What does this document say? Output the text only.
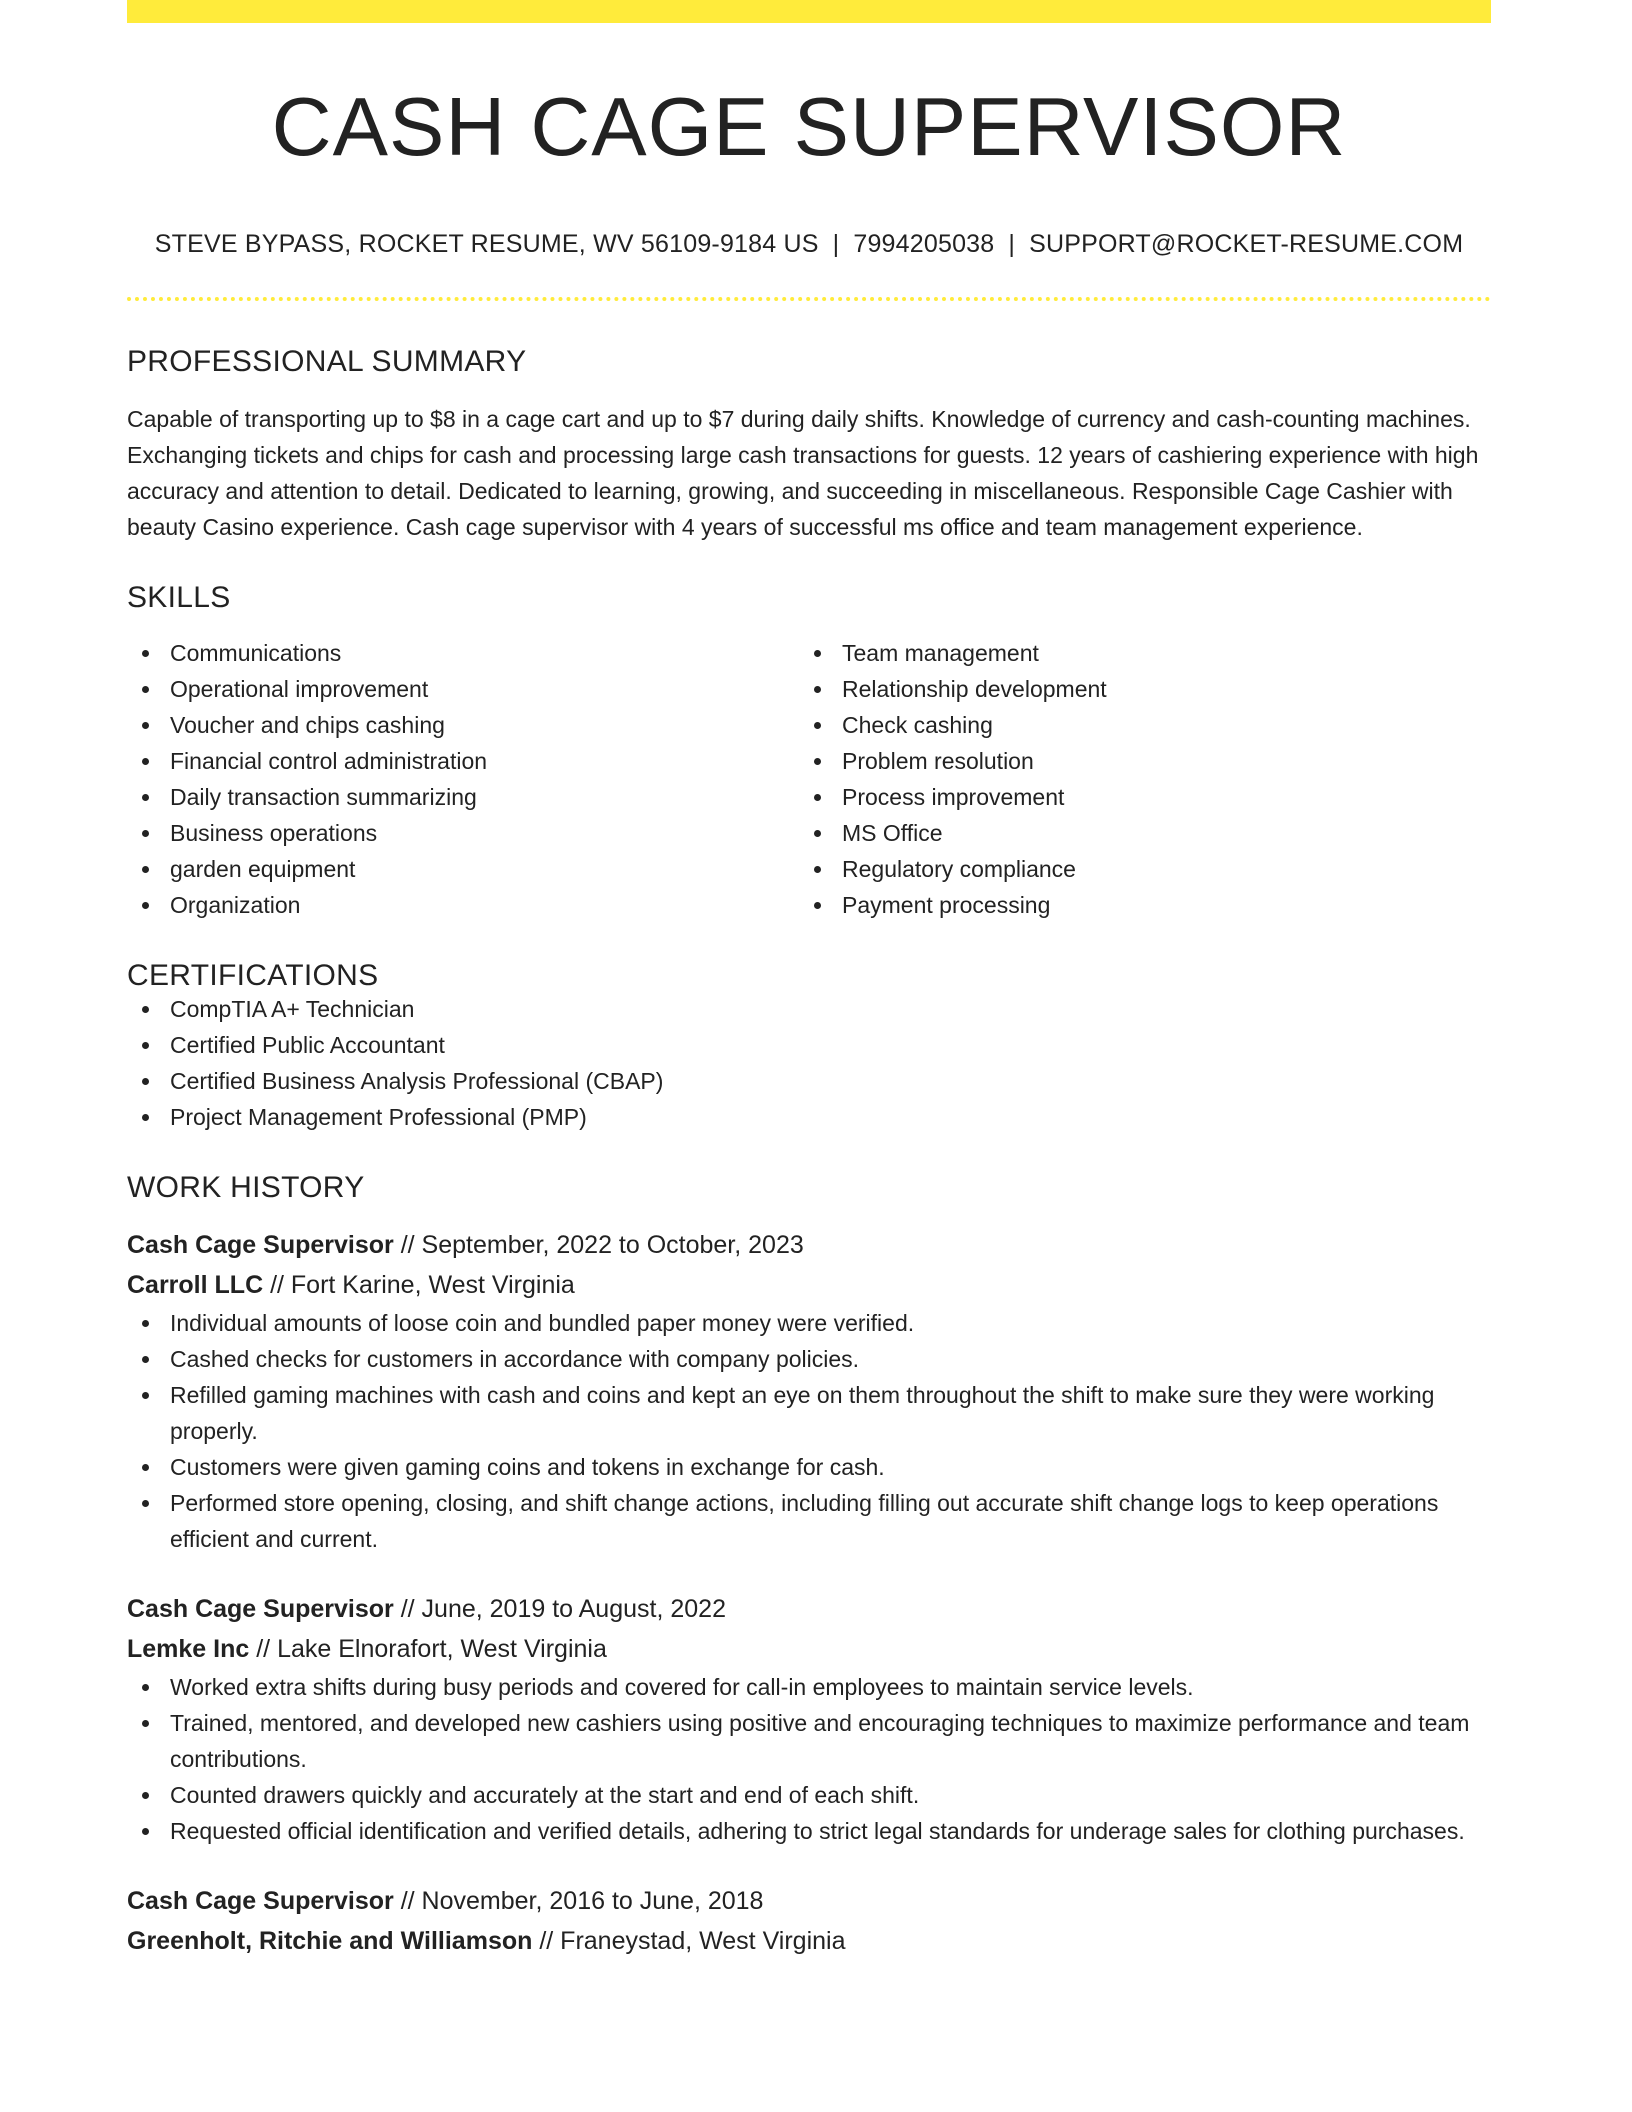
CASH CAGE SUPERVISOR
STEVE BYPASS, ROCKET RESUME, WV 56109-9184 US | 7994205038 | SUPPORT@ROCKET-RESUME.COM
PROFESSIONAL SUMMARY
Capable of transporting up to $8 in a cage cart and up to $7 during daily shifts. Knowledge of currency and cash-counting machines. Exchanging tickets and chips for cash and processing large cash transactions for guests. 12 years of cashiering experience with high accuracy and attention to detail. Dedicated to learning, growing, and succeeding in miscellaneous. Responsible Cage Cashier with beauty Casino experience. Cash cage supervisor with 4 years of successful ms office and team management experience.
SKILLS
Communications
Operational improvement
Voucher and chips cashing
Financial control administration
Daily transaction summarizing
Business operations
garden equipment
Organization
Team management
Relationship development
Check cashing
Problem resolution
Process improvement
MS Office
Regulatory compliance
Payment processing
CERTIFICATIONS
CompTIA A+ Technician
Certified Public Accountant
Certified Business Analysis Professional (CBAP)
Project Management Professional (PMP)
WORK HISTORY
Cash Cage Supervisor // September, 2022 to October, 2023
Carroll LLC // Fort Karine, West Virginia
Individual amounts of loose coin and bundled paper money were verified.
Cashed checks for customers in accordance with company policies.
Refilled gaming machines with cash and coins and kept an eye on them throughout the shift to make sure they were working properly.
Customers were given gaming coins and tokens in exchange for cash.
Performed store opening, closing, and shift change actions, including filling out accurate shift change logs to keep operations efficient and current.
Cash Cage Supervisor // June, 2019 to August, 2022
Lemke Inc // Lake Elnorafort, West Virginia
Worked extra shifts during busy periods and covered for call-in employees to maintain service levels.
Trained, mentored, and developed new cashiers using positive and encouraging techniques to maximize performance and team contributions.
Counted drawers quickly and accurately at the start and end of each shift.
Requested official identification and verified details, adhering to strict legal standards for underage sales for clothing purchases.
Cash Cage Supervisor // November, 2016 to June, 2018
Greenholt, Ritchie and Williamson // Franeystad, West Virginia
